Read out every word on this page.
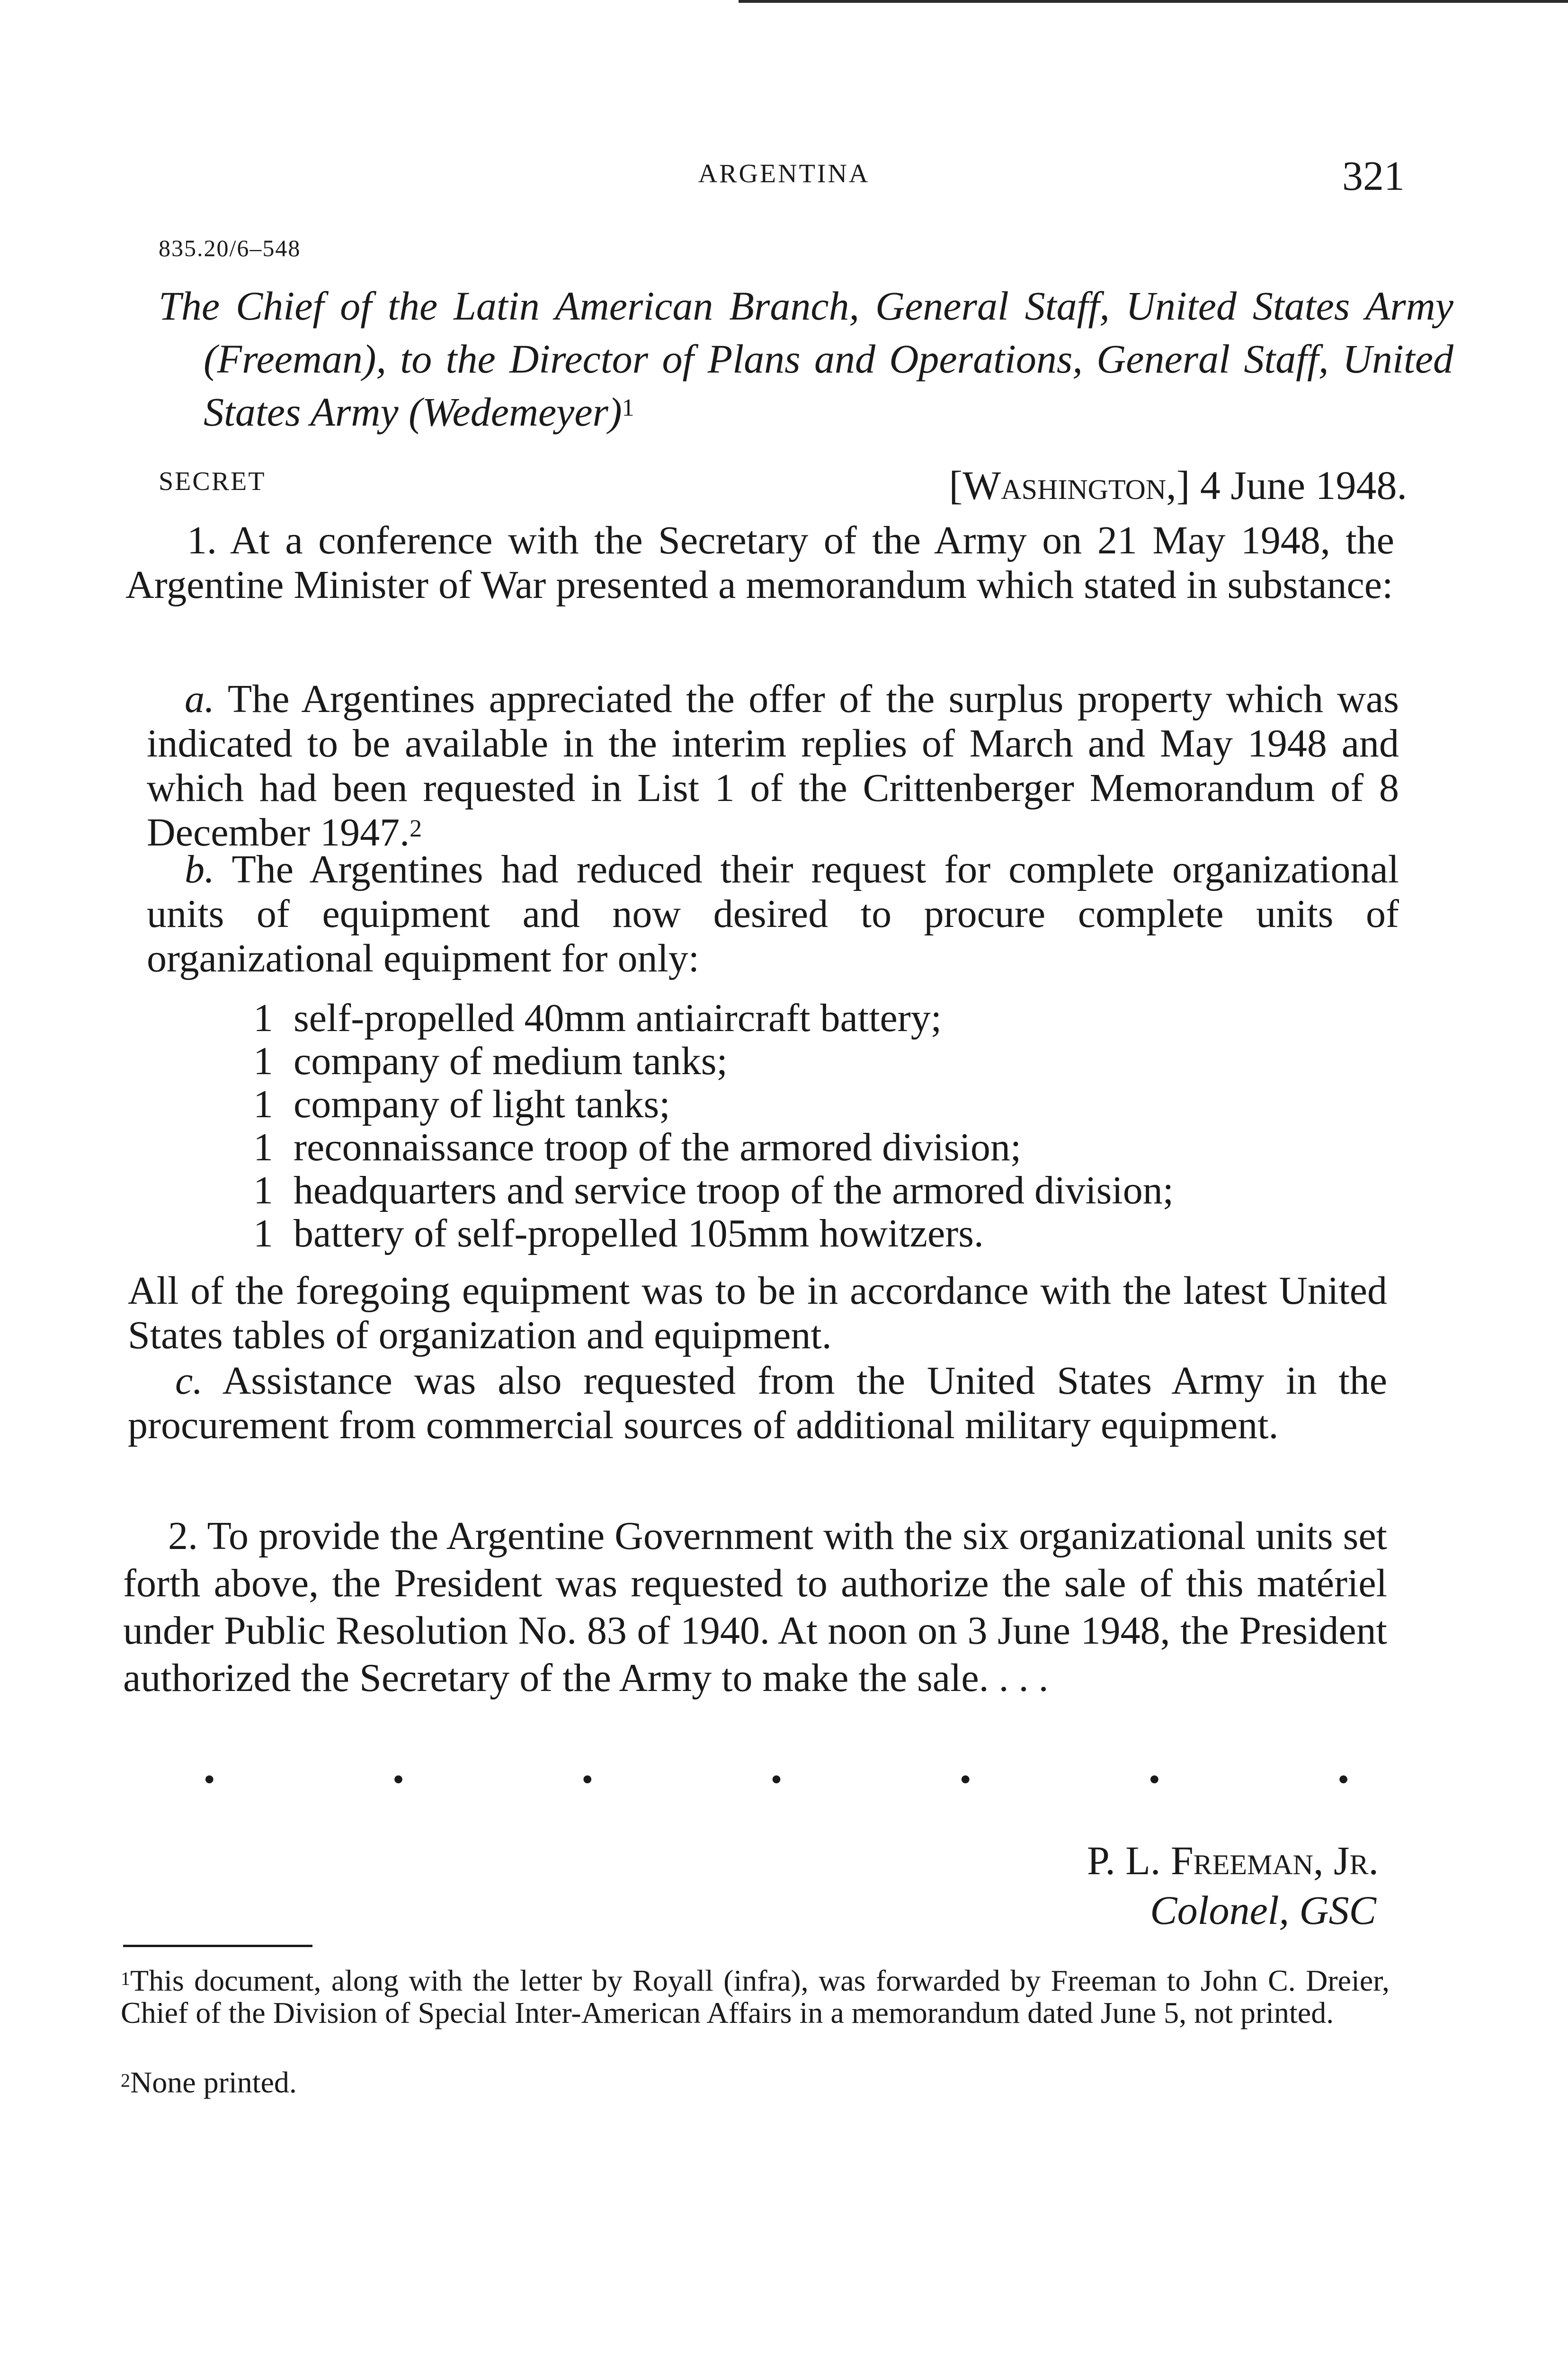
ARGENTINA	321
835.20/6–548
The Chief of the Latin American Branch, General Staff, United States Army (Freeman), to the Director of Plans and Operations, General Staff, United States Army (Wedemeyer)$^1$
SECRET	[Washington,] 4 June 1948.
1. At a conference with the Secretary of the Army on 21 May 1948, the Argentine Minister of War presented a memorandum which stated in substance:
a. The Argentines appreciated the offer of the surplus property which was indicated to be available in the interim replies of March and May 1948 and which had been requested in List 1 of the Crittenberger Memorandum of 8 December 1947.$^2$
b. The Argentines had reduced their request for complete organizational units of equipment and now desired to procure complete units of organizational equipment for only:
1 self-propelled 40mm antiaircraft battery;
1 company of medium tanks;
1 company of light tanks;
1 reconnaissance troop of the armored division;
1 headquarters and service troop of the armored division;
1 battery of self-propelled 105mm howitzers.
All of the foregoing equipment was to be in accordance with the latest United States tables of organization and equipment.
c. Assistance was also requested from the United States Army in the procurement from commercial sources of additional military equipment.
2. To provide the Argentine Government with the six organizational units set forth above, the President was requested to authorize the sale of this matériel under Public Resolution No. 83 of 1940. At noon on 3 June 1948, the President authorized the Secretary of the Army to make the sale. . . .
•	•	•	•	•	•	•
P. L. Freeman, Jr.
Colonel, GSC
$^1$This document, along with the letter by Royall (infra), was forwarded by Freeman to John C. Dreier, Chief of the Division of Special Inter-American Affairs in a memorandum dated June 5, not printed.
$^2$None printed.
